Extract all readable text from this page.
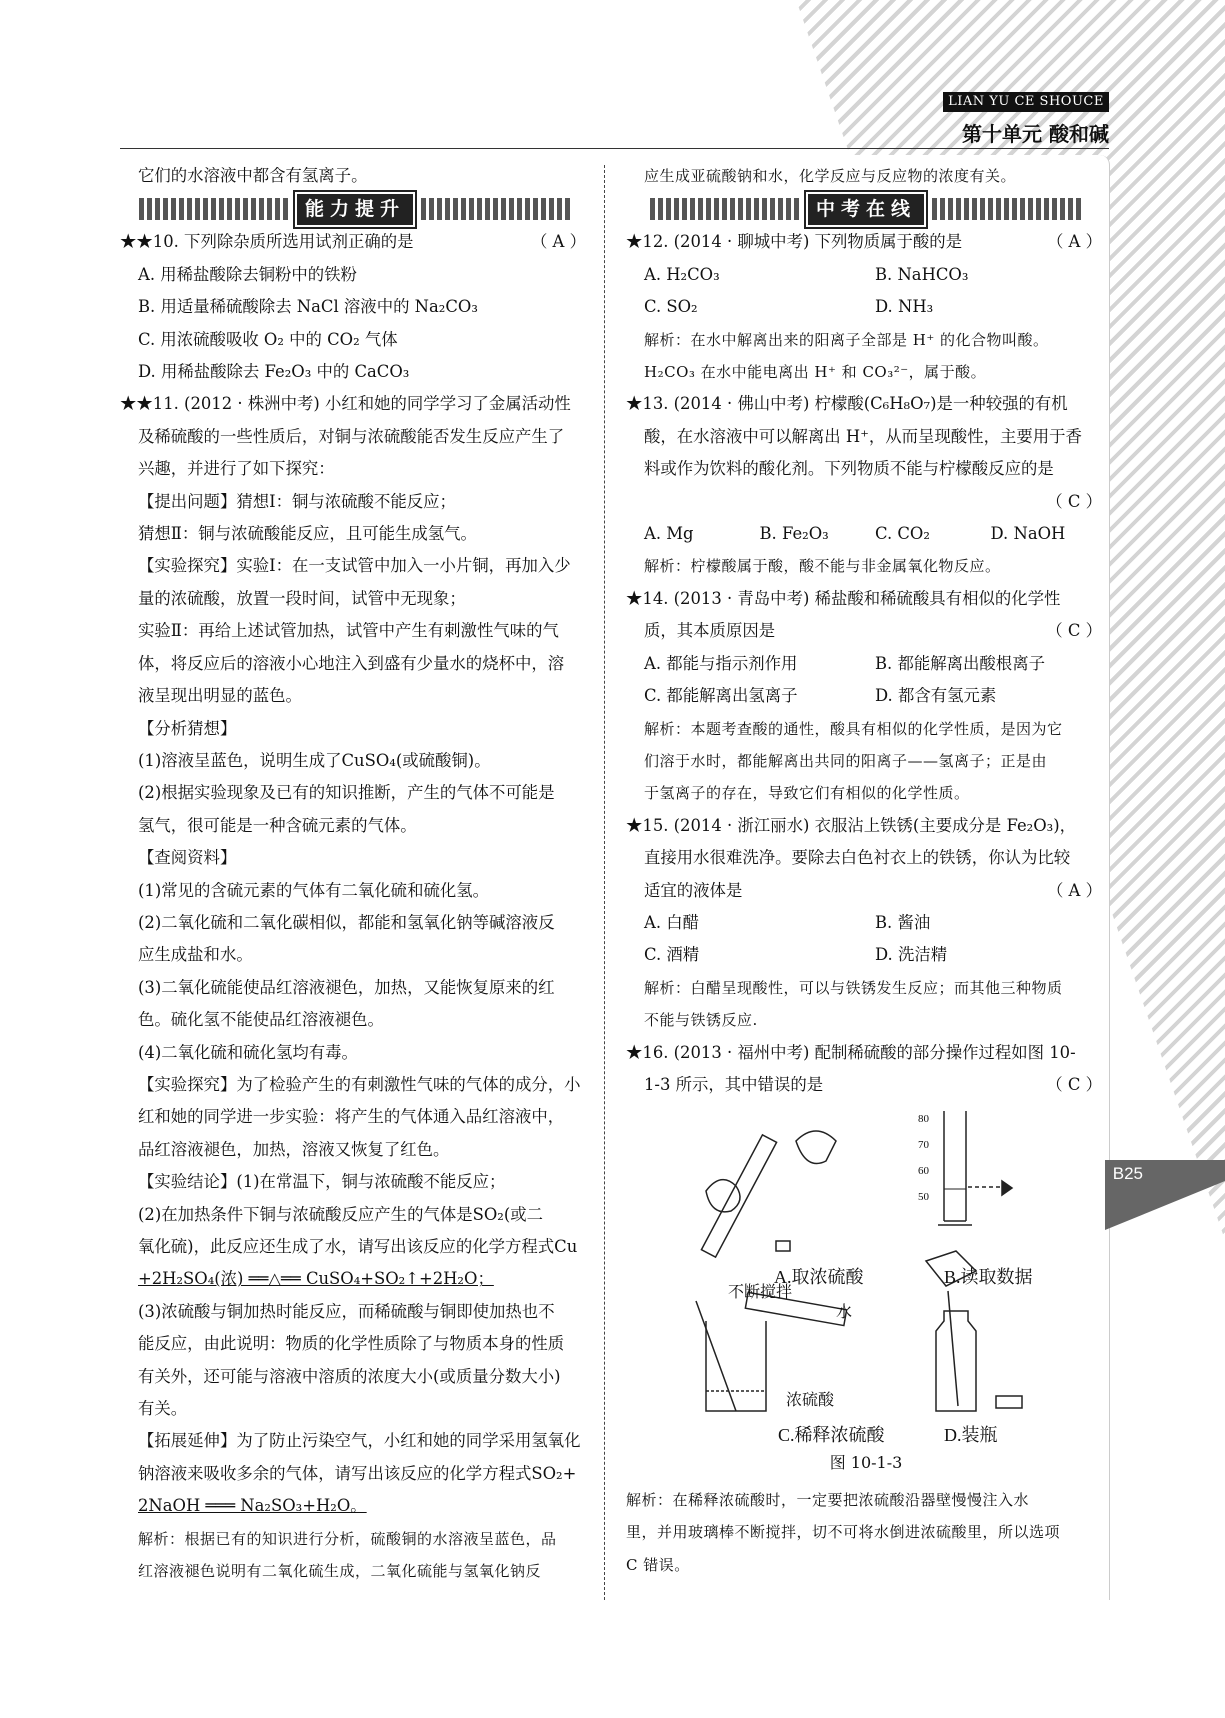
LIAN YU CE SHOUCE
第十单元 酸和碱
B25
它们的水溶液中都含有氢离子。
能力提升
★★10. 下列除杂质所选用试剂正确的是	（ A ）
A. 用稀盐酸除去铜粉中的铁粉
B. 用适量稀硫酸除去 NaCl 溶液中的 Na₂CO₃
C. 用浓硫酸吸收 O₂ 中的 CO₂ 气体
D. 用稀盐酸除去 Fe₂O₃ 中的 CaCO₃
★★11. (2012 · 株洲中考) 小红和她的同学学习了金属活动性
及稀硫酸的一些性质后，对铜与浓硫酸能否发生反应产生了
兴趣，并进行了如下探究：
【提出问题】猜想Ⅰ：铜与浓硫酸不能反应；
猜想Ⅱ：铜与浓硫酸能反应，且可能生成氢气。
【实验探究】实验Ⅰ：在一支试管中加入一小片铜，再加入少
量的浓硫酸，放置一段时间，试管中无现象；
实验Ⅱ：再给上述试管加热，试管中产生有刺激性气味的气
体，将反应后的溶液小心地注入到盛有少量水的烧杯中，溶
液呈现出明显的蓝色。
【分析猜想】
(1)溶液呈蓝色，说明生成了CuSO₄(或硫酸铜)。
(2)根据实验现象及已有的知识推断，产生的气体不可能是
氢气，很可能是一种含硫元素的气体。
【查阅资料】
(1)常见的含硫元素的气体有二氧化硫和硫化氢。
(2)二氧化硫和二氧化碳相似，都能和氢氧化钠等碱溶液反
应生成盐和水。
(3)二氧化硫能使品红溶液褪色，加热，又能恢复原来的红
色。硫化氢不能使品红溶液褪色。
(4)二氧化硫和硫化氢均有毒。
【实验探究】为了检验产生的有刺激性气味的气体的成分，小
红和她的同学进一步实验：将产生的气体通入品红溶液中，
品红溶液褪色，加热，溶液又恢复了红色。
【实验结论】(1)在常温下，铜与浓硫酸不能反应；
(2)在加热条件下铜与浓硫酸反应产生的气体是SO₂(或二
氧化硫)，此反应还生成了水，请写出该反应的化学方程式Cu
+2H₂SO₄(浓) ══△══ CuSO₄+SO₂↑+2H₂O；
(3)浓硫酸与铜加热时能反应，而稀硫酸与铜即使加热也不
能反应，由此说明：物质的化学性质除了与物质本身的性质
有关外，还可能与溶液中溶质的浓度大小(或质量分数大小)
有关。
【拓展延伸】为了防止污染空气，小红和她的同学采用氢氧化
钠溶液来吸收多余的气体，请写出该反应的化学方程式SO₂+
2NaOH ═══ Na₂SO₃+H₂O。
解析：根据已有的知识进行分析，硫酸铜的水溶液呈蓝色，品
红溶液褪色说明有二氧化硫生成，二氧化硫能与氢氧化钠反
应生成亚硫酸钠和水，化学反应与反应物的浓度有关。
中考在线
★12. (2014 · 聊城中考) 下列物质属于酸的是	（ A ）
A. H₂CO₃	B. NaHCO₃
C. SO₂	D. NH₃
解析：在水中解离出来的阳离子全部是 H⁺ 的化合物叫酸。
H₂CO₃ 在水中能电离出 H⁺ 和 CO₃²⁻，属于酸。
★13. (2014 · 佛山中考) 柠檬酸(C₆H₈O₇)是一种较强的有机
酸，在水溶液中可以解离出 H⁺，从而呈现酸性，主要用于香
料或作为饮料的酸化剂。下列物质不能与柠檬酸反应的是
（ C ）

A. Mg	B. Fe₂O₃	C. CO₂	D. NaOH
解析：柠檬酸属于酸，酸不能与非金属氧化物反应。
★14. (2013 · 青岛中考) 稀盐酸和稀硫酸具有相似的化学性
质，其本质原因是	（ C ）
A. 都能与指示剂作用	B. 都能解离出酸根离子
C. 都能解离出氢离子	D. 都含有氢元素
解析：本题考查酸的通性，酸具有相似的化学性质，是因为它
们溶于水时，都能解离出共同的阳离子——氢离子；正是由
于氢离子的存在，导致它们有相似的化学性质。
★15. (2014 · 浙江丽水) 衣服沾上铁锈(主要成分是 Fe₂O₃)，
直接用水很难洗净。要除去白色衬衣上的铁锈，你认为比较
适宜的液体是	（ A ）
A. 白醋	B. 酱油
C. 酒精	D. 洗洁精
解析：白醋呈现酸性，可以与铁锈发生反应；而其他三种物质
不能与铁锈反应.
★16. (2013 · 福州中考) 配制稀硫酸的部分操作过程如图 10-
1-3 所示，其中错误的是	（ C ）
A.取浓硫酸	B.读取数据
C.稀释浓硫酸	D.装瓶
不断搅拌
水
浓硫酸
80
70
60
50
图 10-1-3
解析：在稀释浓硫酸时，一定要把浓硫酸沿器壁慢慢注入水
里，并用玻璃棒不断搅拌，切不可将水倒进浓硫酸里，所以选项
C 错误。
